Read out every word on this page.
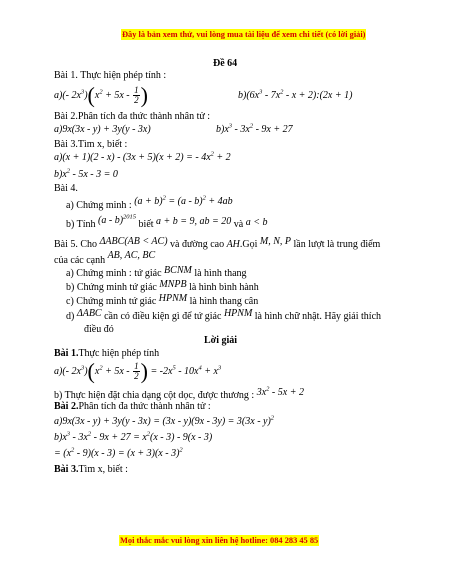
Đây là bản xem thử, vui lòng mua tài liệu để xem chi tiết (có lời giải)
Đề 64
Bài 1. Thực hiện phép tính :
a)(- $2x^3)(x^2 + 5x - \frac{1}{2}$ )	$b)(6x^3 - 7x^2$ - x + 2):(2x + 1)
Bài 2.Phân tích đa thức thành nhân tử :
a)9x(3x - y) + 3y(y - 3x)	$b)x^3 - 3x^2 - 9x + 27$
Bài 3.Tìm x, biết :
a)(x + 1)(2 - x) - (3x + 5)(x + 2) = - $4x^2 + 2$
$b)x^2 - 5x - 3 = 0$
Bài 4.
a) Chứng minh : $(a + b)^2 = (a - b)^2 + 4ab$
b) Tính (a - b)$^{2015}$ biết a + b = 9, ab = 20 và a < b
Bài 5. Cho ΔABC(AB < AC) và đường cao AH.Gọi M, N, P lần lượt là trung điểm
của các cạnh AB, AC, BC
a) Chứng minh : tứ giác BCNM là hình thang
b) Chứng minh tứ giác MNPB là hình bình hành
c) Chứng minh tứ giác HPNM là hình thang cân
d) ΔABC cần có điều kiện gì để tứ giác HPNM là hình chữ nhật. Hãy giải thích
điều đó
Lời giải
Bài 1.Thực hiện phép tính
a)(- $2x^3)(x^2 + 5x - \frac{1}{2}$ ) = $-2x^5 - 10x^4 + x^3$
b) Thực hiện đặt chia dạng cột dọc, được thương : $3x^2 - 5x + 2$
Bài 2.Phân tích đa thức thành nhân tử :
a)9x(3x - y) + 3y(y - 3x) = (3x - y)(9x - 3y) = 3(3x - y)$^2$
$b)x^3 - 3x^2 - 9x + 27 = x^2(x - 3) - 9(x - 3)$
= $(x^2 - 9)(x - 3) = (x + 3)(x - 3)^2$
Bài 3.Tìm x, biết :
Mọi thắc mắc vui lòng xin liên hệ hotline: 084 283 45 85
